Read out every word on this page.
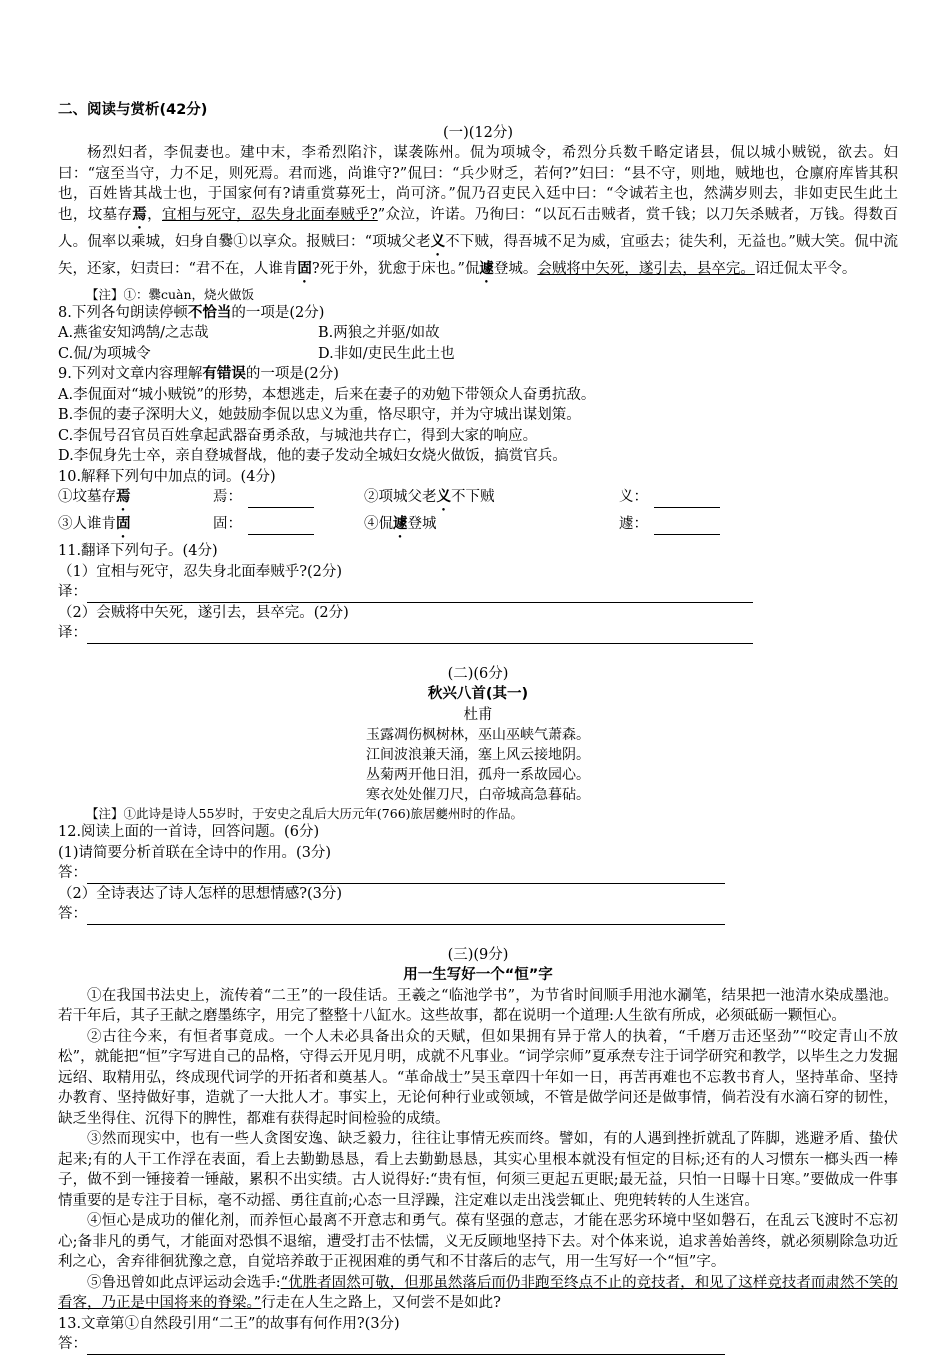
二、阅读与赏析(42分)
(一)(12分)
杨烈妇者，李侃妻也。建中末，李希烈陷汴，谋袭陈州。侃为项城令，希烈分兵数千略定诸县，侃以城小贼锐，欲去。妇曰：“寇至当守，力不足，则死焉。君而逃，尚谁守?”侃曰：“兵少财乏，若何?”妇曰：“县不守，则地，贼地也，仓廪府库皆其积也，百姓皆其战士也，于国家何有?请重赏募死士，尚可济。”侃乃召吏民入廷中曰：“令诚若主也，然满岁则去，非如吏民生此土也，坟墓存焉，宜相与死守，忍失身北面奉贼乎?”众泣，许诺。乃徇曰：“以瓦石击贼者，赏千钱；以刀矢杀贼者，万钱。得数百人。侃率以乘城，妇身自爨①以享众。报贼曰：“项城父老义不下贼，得吾城不足为威，宜亟去；徒失利，无益也。”贼大笑。侃中流矢，还家，妇责曰：“君不在，人谁肯固?死于外，犹愈于床也。”侃遽登城。会贼将中矢死，遂引去，县卒完。诏迁侃太平令。
【注】①：爨cuàn，烧火做饭
8.下列各句朗读停顿不恰当的一项是(2分)
A.燕雀安知鸿鹄/之志哉	B.两狼之并驱/如故
C.侃/为项城令	D.非如/吏民生此土也
9.下列对文章内容理解有错误的一项是(2分)
A.李侃面对“城小贼锐”的形势，本想逃走，后来在妻子的劝勉下带领众人奋勇抗敌。
B.李侃的妻子深明大义，她鼓励李侃以忠义为重，恪尽职守，并为守城出谋划策。
C.李侃号召官员百姓拿起武器奋勇杀敌，与城池共存亡，得到大家的响应。
D.李侃身先士卒，亲自登城督战，他的妻子发动全城妇女烧火做饭，搞赏官兵。
10.解释下列句中加点的词。(4分)
①坟墓存焉	焉：	②项城父老义不下贼	义：
③人谁肯固	固：	④侃遽登城	遽：
11.翻译下列句子。(4分)
（1）宜相与死守，忍失身北面奉贼乎?(2分)
译：
（2）会贼将中矢死，遂引去，县卒完。(2分)
译：
(二)(6分)
秋兴八首(其一)
杜甫
玉露凋伤枫树林，巫山巫峡气萧森。
江间波浪兼天涌，塞上风云接地阴。
丛菊两开他日泪，孤舟一系故园心。
寒衣处处催刀尺，白帝城高急暮砧。
【注】①此诗是诗人55岁时，于安史之乱后大历元年(766)旅居夔州时的作品。
12.阅读上面的一首诗，回答问题。(6分)
(1)请简要分析首联在全诗中的作用。(3分)
答：
（2）全诗表达了诗人怎样的思想情感?(3分)
答：
(三)(9分)
用一生写好一个“恒”字
①在我国书法史上，流传着“二王”的一段佳话。王羲之“临池学书”，为节省时间顺手用池水涮笔，结果把一池清水染成墨池。若干年后，其子王献之磨墨练字，用完了整整十八缸水。这些故事，都在说明一个道理:人生欲有所成，必须砥砺一颗恒心。
②古往今来，有恒者事竟成。一个人未必具备出众的天赋，但如果拥有异于常人的执着，“千磨万击还坚劲”“咬定青山不放松”，就能把“恒”字写进自己的品格，守得云开见月明，成就不凡事业。“词学宗师”夏承焘专注于词学研究和教学，以毕生之力发掘远绍、取精用弘，终成现代词学的开拓者和奠基人。“革命战士”吴玉章四十年如一日，再苦再难也不忘教书育人，坚持革命、坚持办教育、坚持做好事，造就了一大批人才。事实上，无论何种行业或领域，不管是做学问还是做事情，倘若没有水滴石穿的韧性，缺乏坐得住、沉得下的脾性，都难有获得起时间检验的成绩。
③然而现实中，也有一些人贪图安逸、缺乏毅力，往往让事情无疾而终。譬如，有的人遇到挫折就乱了阵脚，逃避矛盾、蛰伏起来;有的人干工作浮在表面，看上去勤勤恳恳，看上去勤勤恳恳，其实心里根本就没有恒定的目标;还有的人习惯东一榔头西一棒子，做不到一锤接着一锤敲，累积不出实绩。古人说得好:“贵有恒，何须三更起五更眠;最无益，只怕一日曝十日寒。”要做成一件事情重要的是专注于目标，毫不动摇、勇往直前;心态一旦浮躁，注定难以走出浅尝辄止、兜兜转转的人生迷宫。
④恒心是成功的催化剂，而养恒心最离不开意志和勇气。葆有坚强的意志，才能在恶劣环境中坚如磐石，在乱云飞渡时不忘初心;备非凡的勇气，才能面对恐惧不退缩，遭受打击不怯懦，义无反顾地坚持下去。对个体来说，追求善始善终，就必须剔除急功近利之心，舍弃徘徊犹豫之意，自觉培养敢于正视困难的勇气和不甘落后的志气，用一生写好一个“恒”字。
⑤鲁迅曾如此点评运动会选手:“优胜者固然可敬，但那虽然落后而仍非跑至终点不止的竞技者，和见了这样竞技者而肃然不笑的看客，乃正是中国将来的脊梁。”行走在人生之路上，又何尝不是如此?
13.文章第①自然段引用“二王”的故事有何作用?(3分)
答：
